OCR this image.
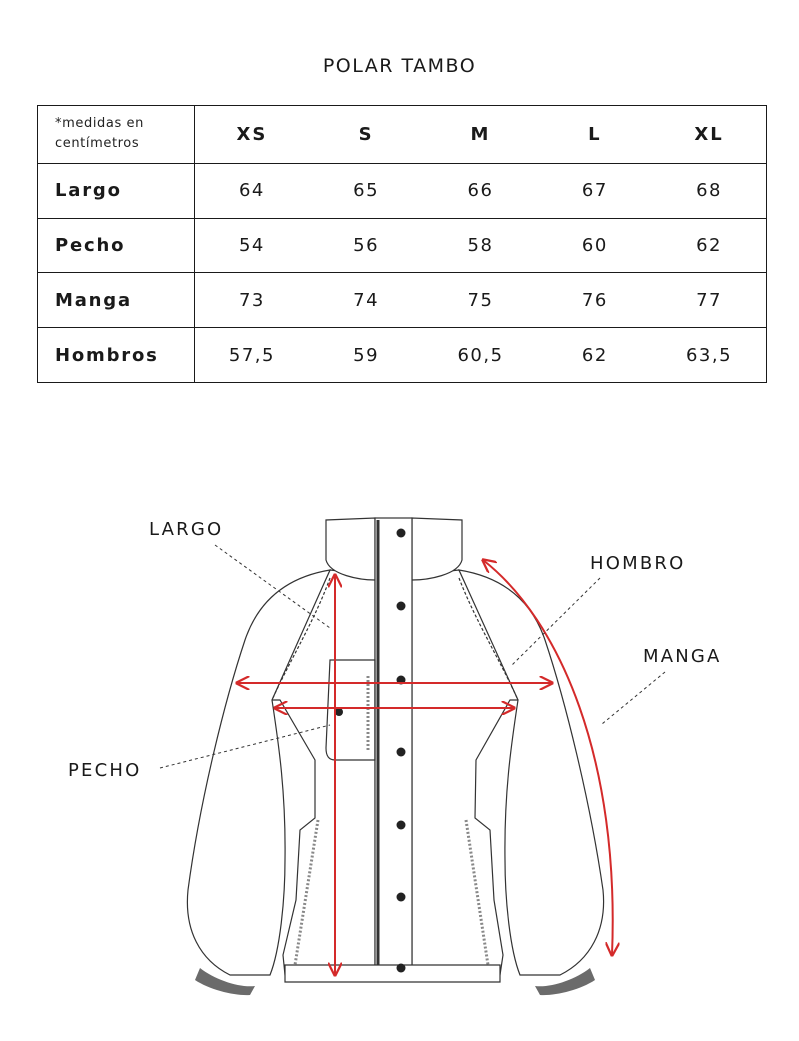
POLAR TAMBO
*medidas en
centímetros	XS	S	M	L	XL
Largo	64	65	66	67	68
Pecho	54	56	58	60	62
Manga	73	74	75	76	77
Hombros	57,5	59	60,5	62	63,5
LARGO
HOMBRO
MANGA
PECHO
